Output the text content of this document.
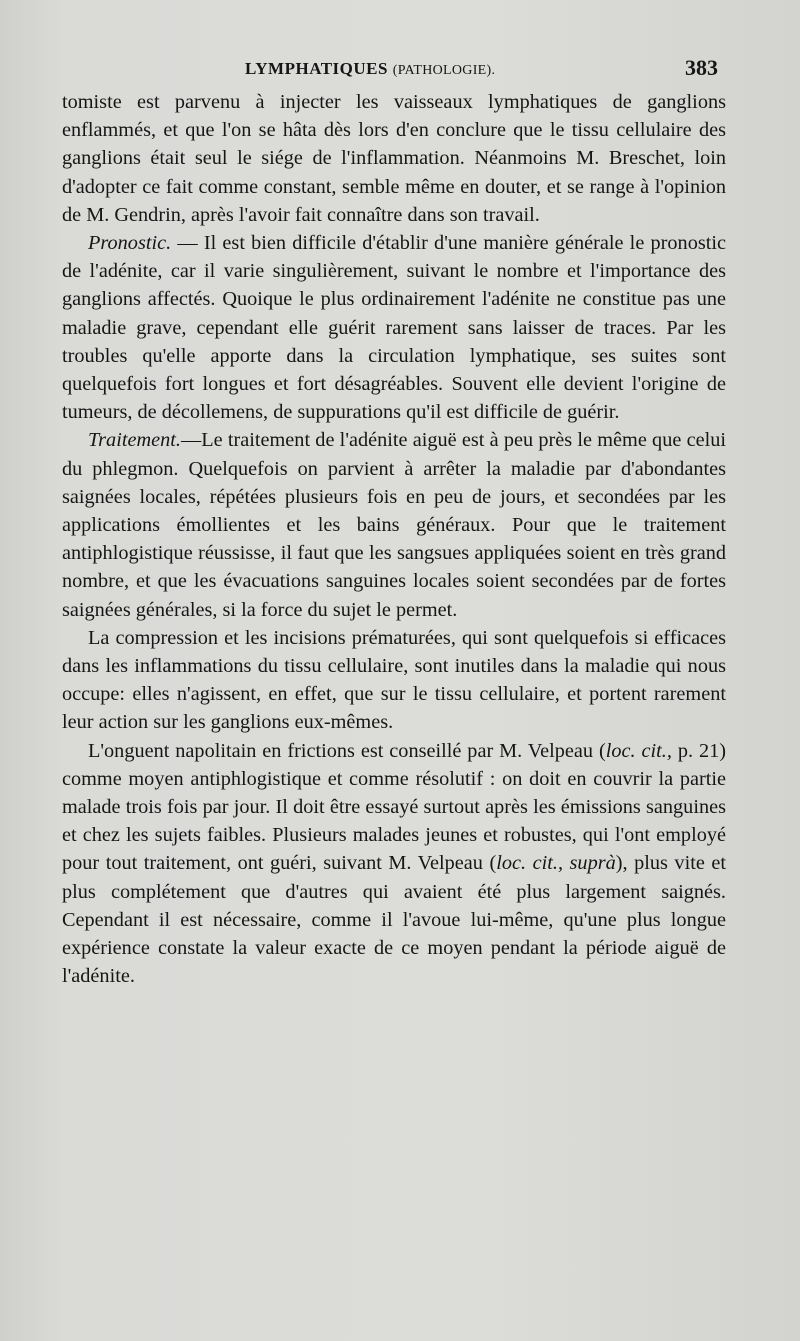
LYMPHATIQUES (PATHOLOGIE).	383

tomiste est parvenu à injecter les vaisseaux lymphatiques de ganglions enflammés, et que l'on se hâta dès lors d'en conclure que le tissu cellulaire des ganglions était seul le siége de l'inflammation. Néanmoins M. Breschet, loin d'adopter ce fait comme constant, semble même en douter, et se range à l'opinion de M. Gendrin, après l'avoir fait connaître dans son travail.

Pronostic. — Il est bien difficile d'établir d'une manière générale le pronostic de l'adénite, car il varie singulièrement, suivant le nombre et l'importance des ganglions affectés. Quoique le plus ordinairement l'adénite ne constitue pas une maladie grave, cependant elle guérit rarement sans laisser de traces. Par les troubles qu'elle apporte dans la circulation lymphatique, ses suites sont quelquefois fort longues et fort désagréables. Souvent elle devient l'origine de tumeurs, de décollemens, de suppurations qu'il est difficile de guérir.

Traitement.—Le traitement de l'adénite aiguë est à peu près le même que celui du phlegmon. Quelquefois on parvient à arrêter la maladie par d'abondantes saignées locales, répétées plusieurs fois en peu de jours, et secondées par les applications émollientes et les bains généraux. Pour que le traitement antiphlogistique réussisse, il faut que les sangsues appliquées soient en très grand nombre, et que les évacuations sanguines locales soient secondées par de fortes saignées générales, si la force du sujet le permet.

La compression et les incisions prématurées, qui sont quelquefois si efficaces dans les inflammations du tissu cellulaire, sont inutiles dans la maladie qui nous occupe: elles n'agissent, en effet, que sur le tissu cellulaire, et portent rarement leur action sur les ganglions eux-mêmes.

L'onguent napolitain en frictions est conseillé par M. Velpeau (loc. cit., p. 21) comme moyen antiphlogistique et comme résolutif : on doit en couvrir la partie malade trois fois par jour. Il doit être essayé surtout après les émissions sanguines et chez les sujets faibles. Plusieurs malades jeunes et robustes, qui l'ont employé pour tout traitement, ont guéri, suivant M. Velpeau (loc. cit., suprà), plus vite et plus complétement que d'autres qui avaient été plus largement saignés. Cependant il est nécessaire, comme il l'avoue lui-même, qu'une plus longue expérience constate la valeur exacte de ce moyen pendant la période aiguë de l'adénite.
